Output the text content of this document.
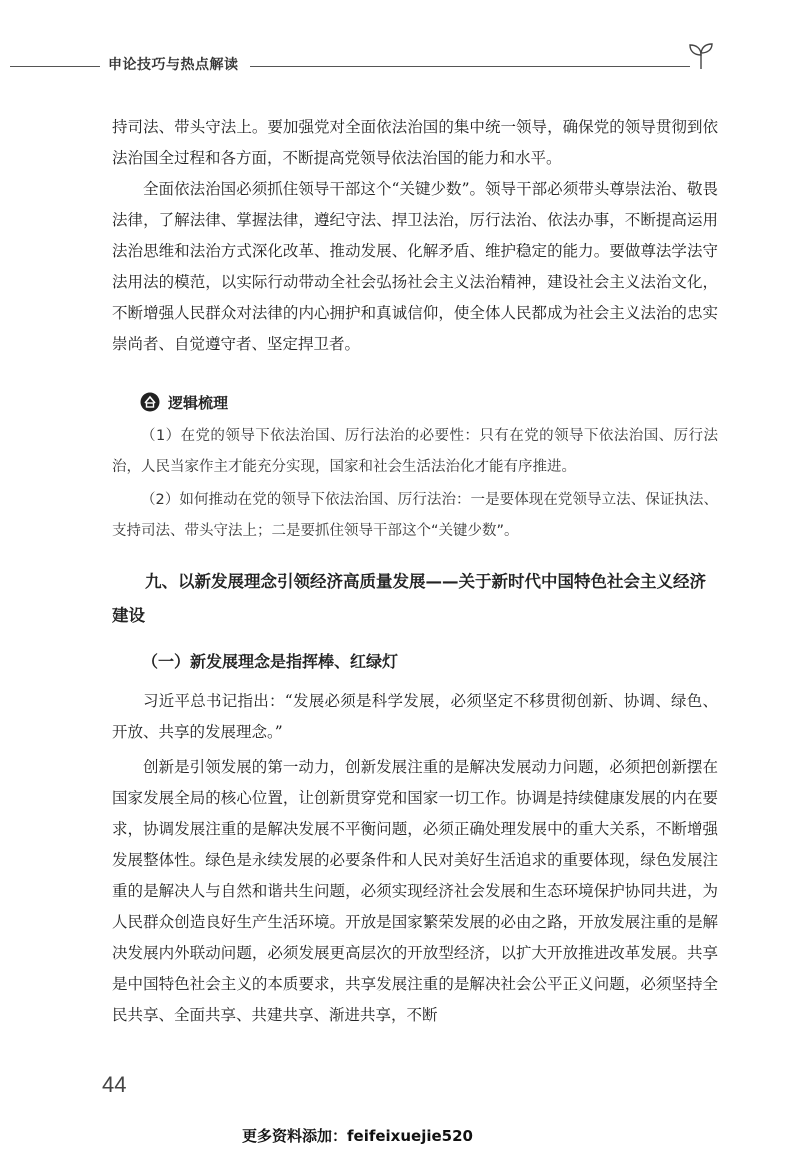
申论技巧与热点解读

持司法、带头守法上。要加强党对全面依法治国的集中统一领导，确保党的领导贯彻到依法治国全过程和各方面，不断提高党领导依法治国的能力和水平。

全面依法治国必须抓住领导干部这个“关键少数”。领导干部必须带头尊崇法治、敬畏法律，了解法律、掌握法律，遵纪守法、捍卫法治，厉行法治、依法办事，不断提高运用法治思维和法治方式深化改革、推动发展、化解矛盾、维护稳定的能力。要做尊法学法守法用法的模范，以实际行动带动全社会弘扬社会主义法治精神，建设社会主义法治文化，不断增强人民群众对法律的内心拥护和真诚信仰，使全体人民都成为社会主义法治的忠实崇尚者、自觉遵守者、坚定捍卫者。

逻辑梳理

（1）在党的领导下依法治国、厉行法治的必要性：只有在党的领导下依法治国、厉行法治，人民当家作主才能充分实现，国家和社会生活法治化才能有序推进。

（2）如何推动在党的领导下依法治国、厉行法治：一是要体现在党领导立法、保证执法、支持司法、带头守法上；二是要抓住领导干部这个“关键少数”。

九、以新发展理念引领经济高质量发展——关于新时代中国特色社会主义经济建设
（一）新发展理念是指挥棒、红绿灯

习近平总书记指出：“发展必须是科学发展，必须坚定不移贯彻创新、协调、绿色、开放、共享的发展理念。”

创新是引领发展的第一动力，创新发展注重的是解决发展动力问题，必须把创新摆在国家发展全局的核心位置，让创新贯穿党和国家一切工作。协调是持续健康发展的内在要求，协调发展注重的是解决发展不平衡问题，必须正确处理发展中的重大关系，不断增强发展整体性。绿色是永续发展的必要条件和人民对美好生活追求的重要体现，绿色发展注重的是解决人与自然和谐共生问题，必须实现经济社会发展和生态环境保护协同共进，为人民群众创造良好生产生活环境。开放是国家繁荣发展的必由之路，开放发展注重的是解决发展内外联动问题，必须发展更高层次的开放型经济，以扩大开放推进改革发展。共享是中国特色社会主义的本质要求，共享发展注重的是解决社会公平正义问题，必须坚持全民共享、全面共享、共建共享、渐进共享，不断

44
更多资料添加：feifeixuejie520
